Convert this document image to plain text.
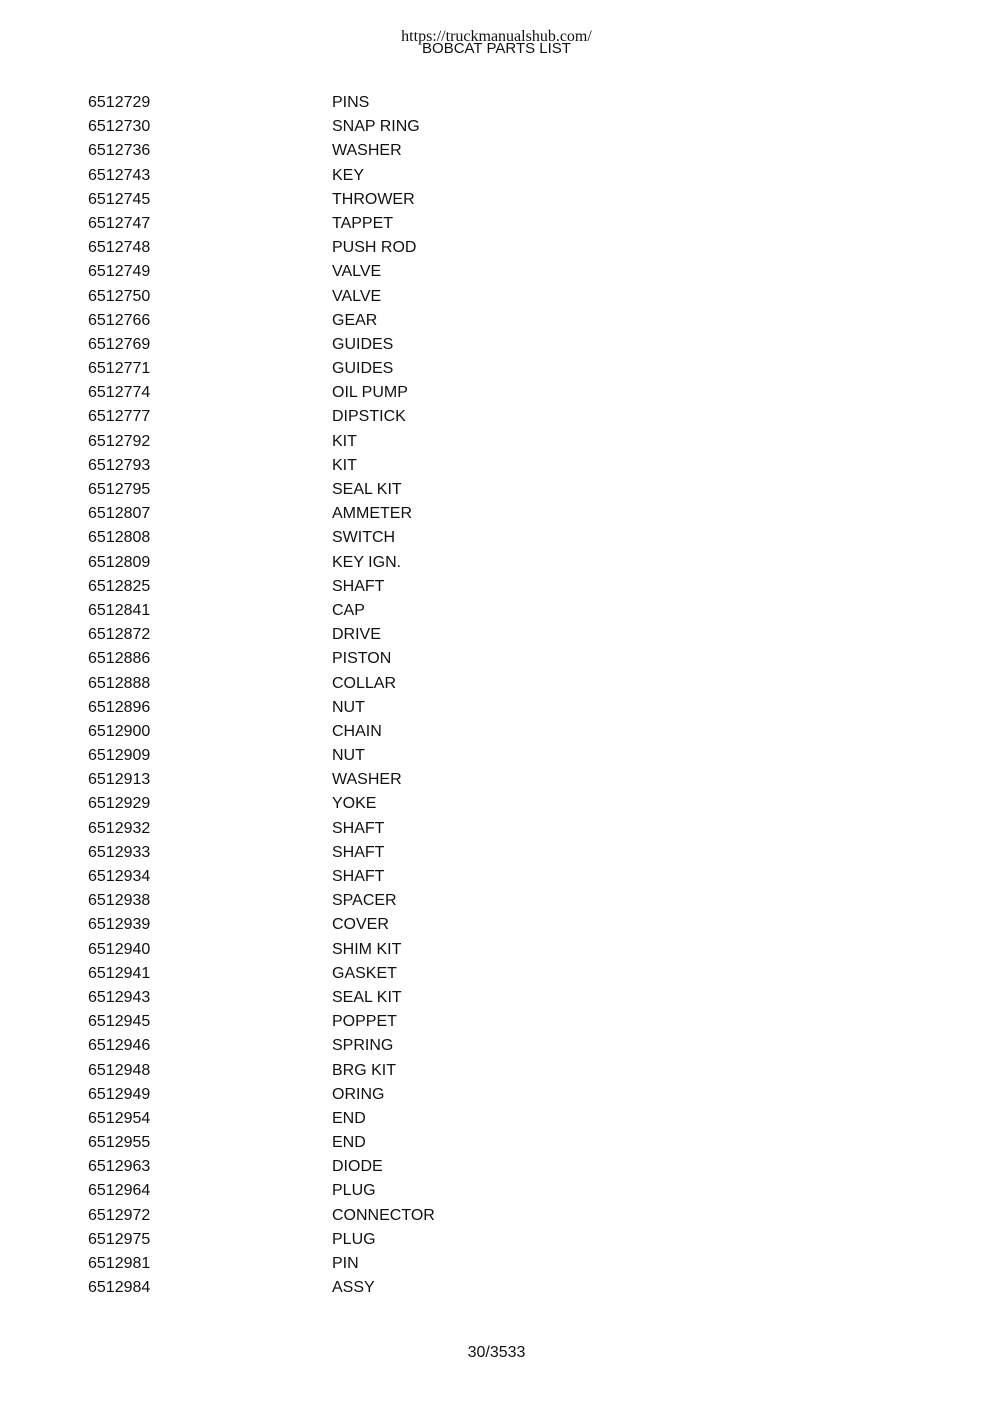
https://truckmanualshub.com/
BOBCAT PARTS LIST
6512729	PINS
6512730	SNAP RING
6512736	WASHER
6512743	KEY
6512745	THROWER
6512747	TAPPET
6512748	PUSH ROD
6512749	VALVE
6512750	VALVE
6512766	GEAR
6512769	GUIDES
6512771	GUIDES
6512774	OIL PUMP
6512777	DIPSTICK
6512792	KIT
6512793	KIT
6512795	SEAL KIT
6512807	AMMETER
6512808	SWITCH
6512809	KEY IGN.
6512825	SHAFT
6512841	CAP
6512872	DRIVE
6512886	PISTON
6512888	COLLAR
6512896	NUT
6512900	CHAIN
6512909	NUT
6512913	WASHER
6512929	YOKE
6512932	SHAFT
6512933	SHAFT
6512934	SHAFT
6512938	SPACER
6512939	COVER
6512940	SHIM KIT
6512941	GASKET
6512943	SEAL KIT
6512945	POPPET
6512946	SPRING
6512948	BRG KIT
6512949	ORING
6512954	END
6512955	END
6512963	DIODE
6512964	PLUG
6512972	CONNECTOR
6512975	PLUG
6512981	PIN
6512984	ASSY
30/3533
